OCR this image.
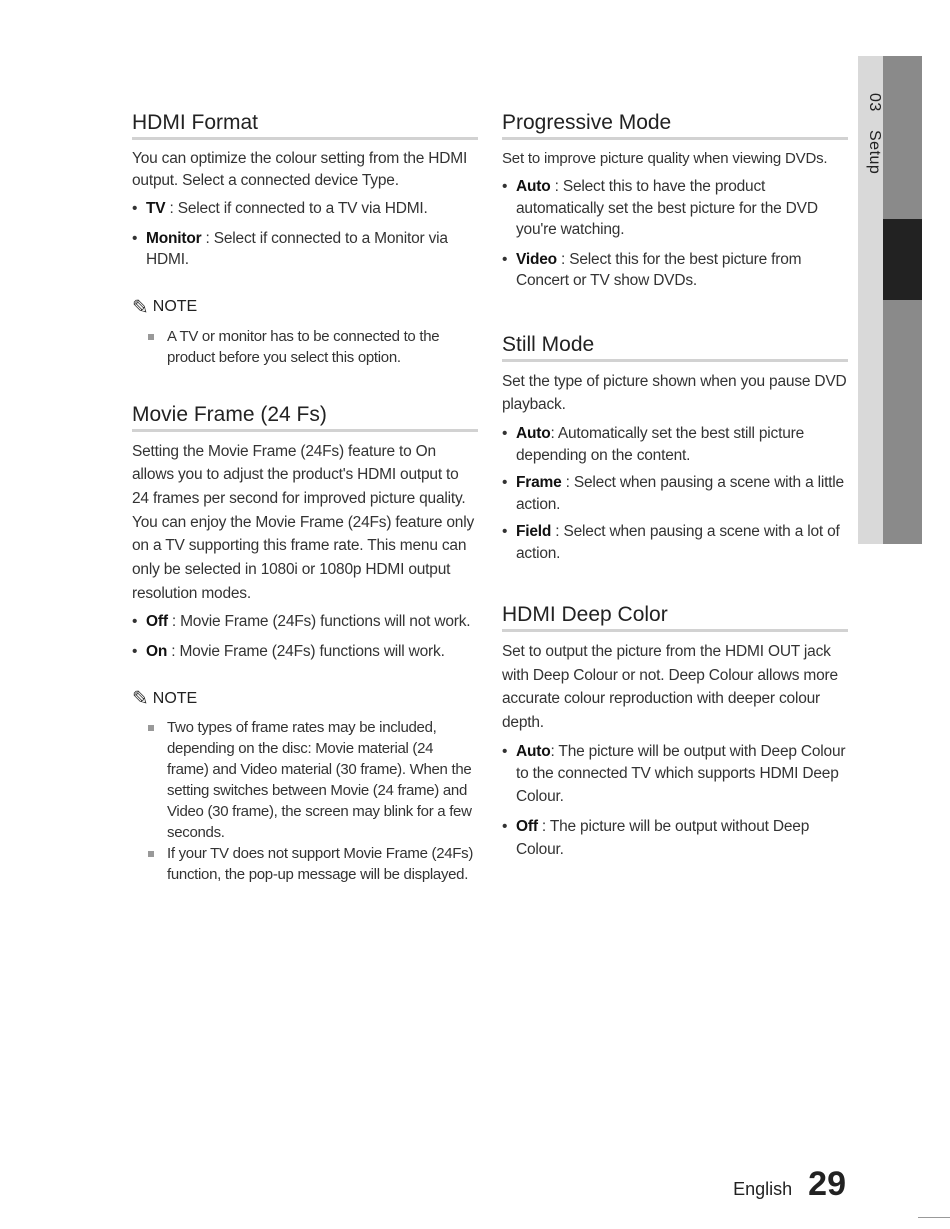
HDMI Format

You can optimize the colour setting from the HDMI output. Select a connected device Type.

• TV : Select if connected to a TV via HDMI.
• Monitor : Select if connected to a Monitor via HDMI.
✎ NOTE
A TV or monitor has to be connected to the product before you select this option.
Movie Frame (24 Fs)

Setting the Movie Frame (24Fs) feature to On allows you to adjust the product's HDMI output to 24 frames per second for improved picture quality. You can enjoy the Movie Frame (24Fs) feature only on a TV supporting this frame rate. This menu can only be selected in 1080i or 1080p HDMI output resolution modes.

• Off : Movie Frame (24Fs) functions will not work.
• On : Movie Frame (24Fs) functions will work.
✎ NOTE
Two types of frame rates may be included, depending on the disc: Movie material (24 frame) and Video material (30 frame). When the setting switches between Movie (24 frame) and Video (30 frame), the screen may blink for a few seconds.
If your TV does not support Movie Frame (24Fs) function, the pop-up message will be displayed.
Progressive Mode

Set to improve picture quality when viewing DVDs.

• Auto : Select this to have the product automatically set the best picture for the DVD you're watching.
• Video : Select this for the best picture from Concert or TV show DVDs.
Still Mode

Set the type of picture shown when you pause DVD playback.

• Auto: Automatically set the best still picture depending on the content.
• Frame : Select when pausing a scene with a little action.
• Field : Select when pausing a scene with a lot of action.
HDMI Deep Color

Set to output the picture from the HDMI OUT jack with Deep Colour or not. Deep Colour allows more accurate colour reproduction with deeper colour depth.

• Auto: The picture will be output with Deep Colour to the connected TV which supports HDMI Deep Colour.
• Off : The picture will be output without Deep Colour.
03
Setup
English 29
